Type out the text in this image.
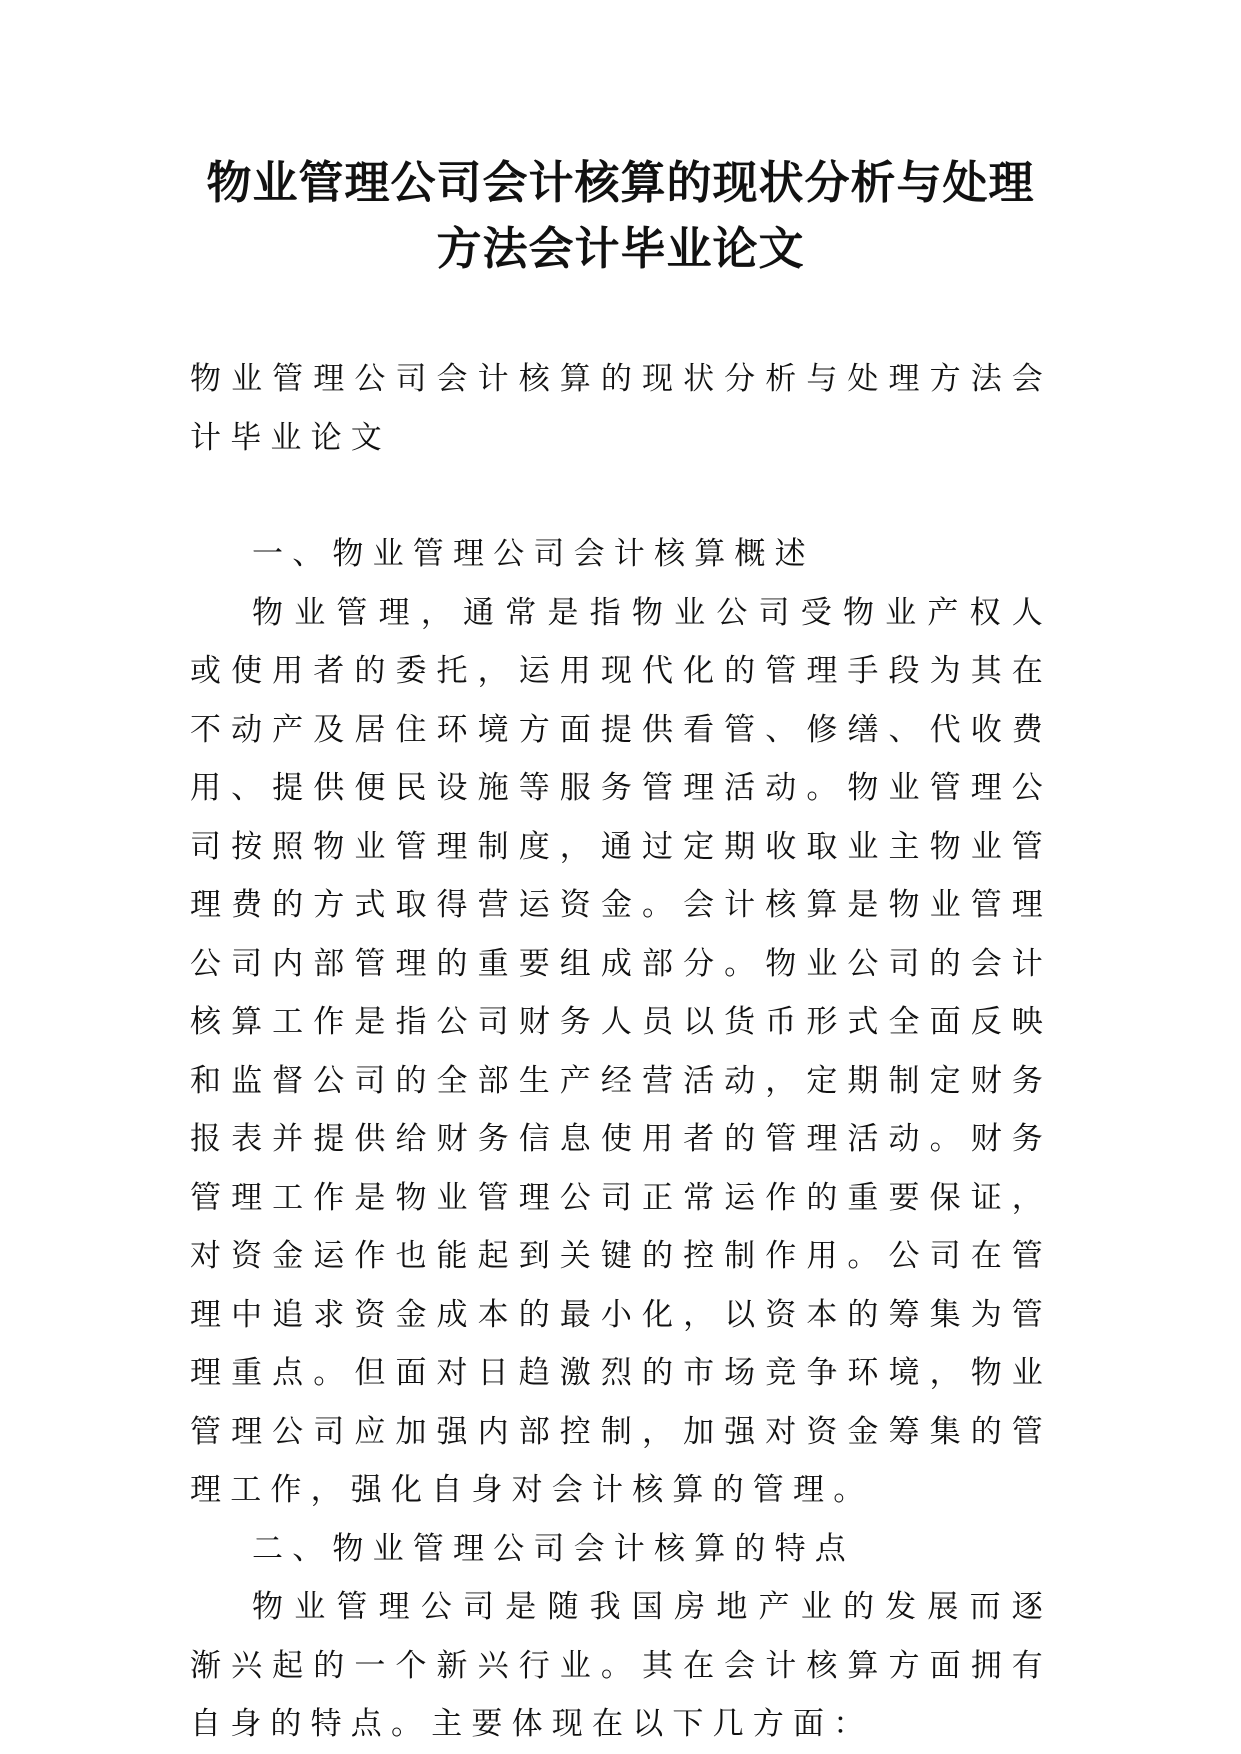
物业管理公司会计核算的现状分析与处理
方法会计毕业论文
物业管理公司会计核算的现状分析与处理方法会计毕业论文

一、物业管理公司会计核算概述

物业管理，通常是指物业公司受物业产权人或使用者的委托，运用现代化的管理手段为其在不动产及居住环境方面提供看管、修缮、代收费用、提供便民设施等服务管理活动。物业管理公司按照物业管理制度，通过定期收取业主物业管理费的方式取得营运资金。会计核算是物业管理公司内部管理的重要组成部分。物业公司的会计核算工作是指公司财务人员以货币形式全面反映和监督公司的全部生产经营活动，定期制定财务报表并提供给财务信息使用者的管理活动。财务管理工作是物业管理公司正常运作的重要保证，对资金运作也能起到关键的控制作用。公司在管理中追求资金成本的最小化，以资本的筹集为管理重点。但面对日趋激烈的市场竞争环境，物业管理公司应加强内部控制，加强对资金筹集的管理工作，强化自身对会计核算的管理。

二、物业管理公司会计核算的特点

物业管理公司是随我国房地产业的发展而逐渐兴起的一个新兴行业。其在会计核算方面拥有自身的特点。主要体现在以下几方面：
